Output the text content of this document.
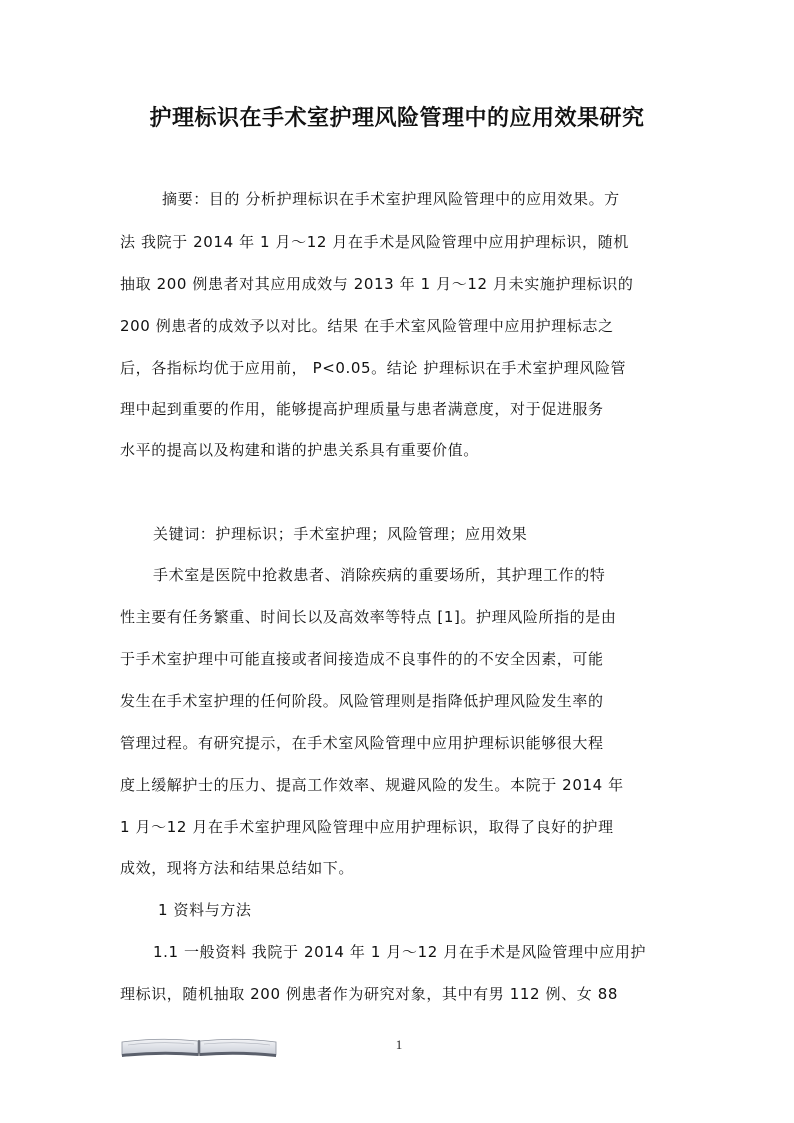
护理标识在手术室护理风险管理中的应用效果研究
摘要：目的 分析护理标识在手术室护理风险管理中的应用效果。方
法 我院于 2014 年 1 月～12 月在手术是风险管理中应用护理标识，随机
抽取 200 例患者对其应用成效与 2013 年 1 月～12 月未实施护理标识的
200 例患者的成效予以对比。结果 在手术室风险管理中应用护理标志之
后，各指标均优于应用前， P<0.05。结论 护理标识在手术室护理风险管
理中起到重要的作用，能够提高护理质量与患者满意度，对于促进服务
水平的提高以及构建和谐的护患关系具有重要价值。
关键词：护理标识；手术室护理；风险管理；应用效果
手术室是医院中抢救患者、消除疾病的重要场所，其护理工作的特
性主要有任务繁重、时间长以及高效率等特点 [1]。护理风险所指的是由
于手术室护理中可能直接或者间接造成不良事件的的不安全因素，可能
发生在手术室护理的任何阶段。风险管理则是指降低护理风险发生率的
管理过程。有研究提示，在手术室风险管理中应用护理标识能够很大程
度上缓解护士的压力、提高工作效率、规避风险的发生。本院于 2014 年
1 月～12 月在手术室护理风险管理中应用护理标识，取得了良好的护理
成效，现将方法和结果总结如下。
1 资料与方法
1.1 一般资料 我院于 2014 年 1 月～12 月在手术是风险管理中应用护
理标识，随机抽取 200 例患者作为研究对象，其中有男 112 例、女 88
1
